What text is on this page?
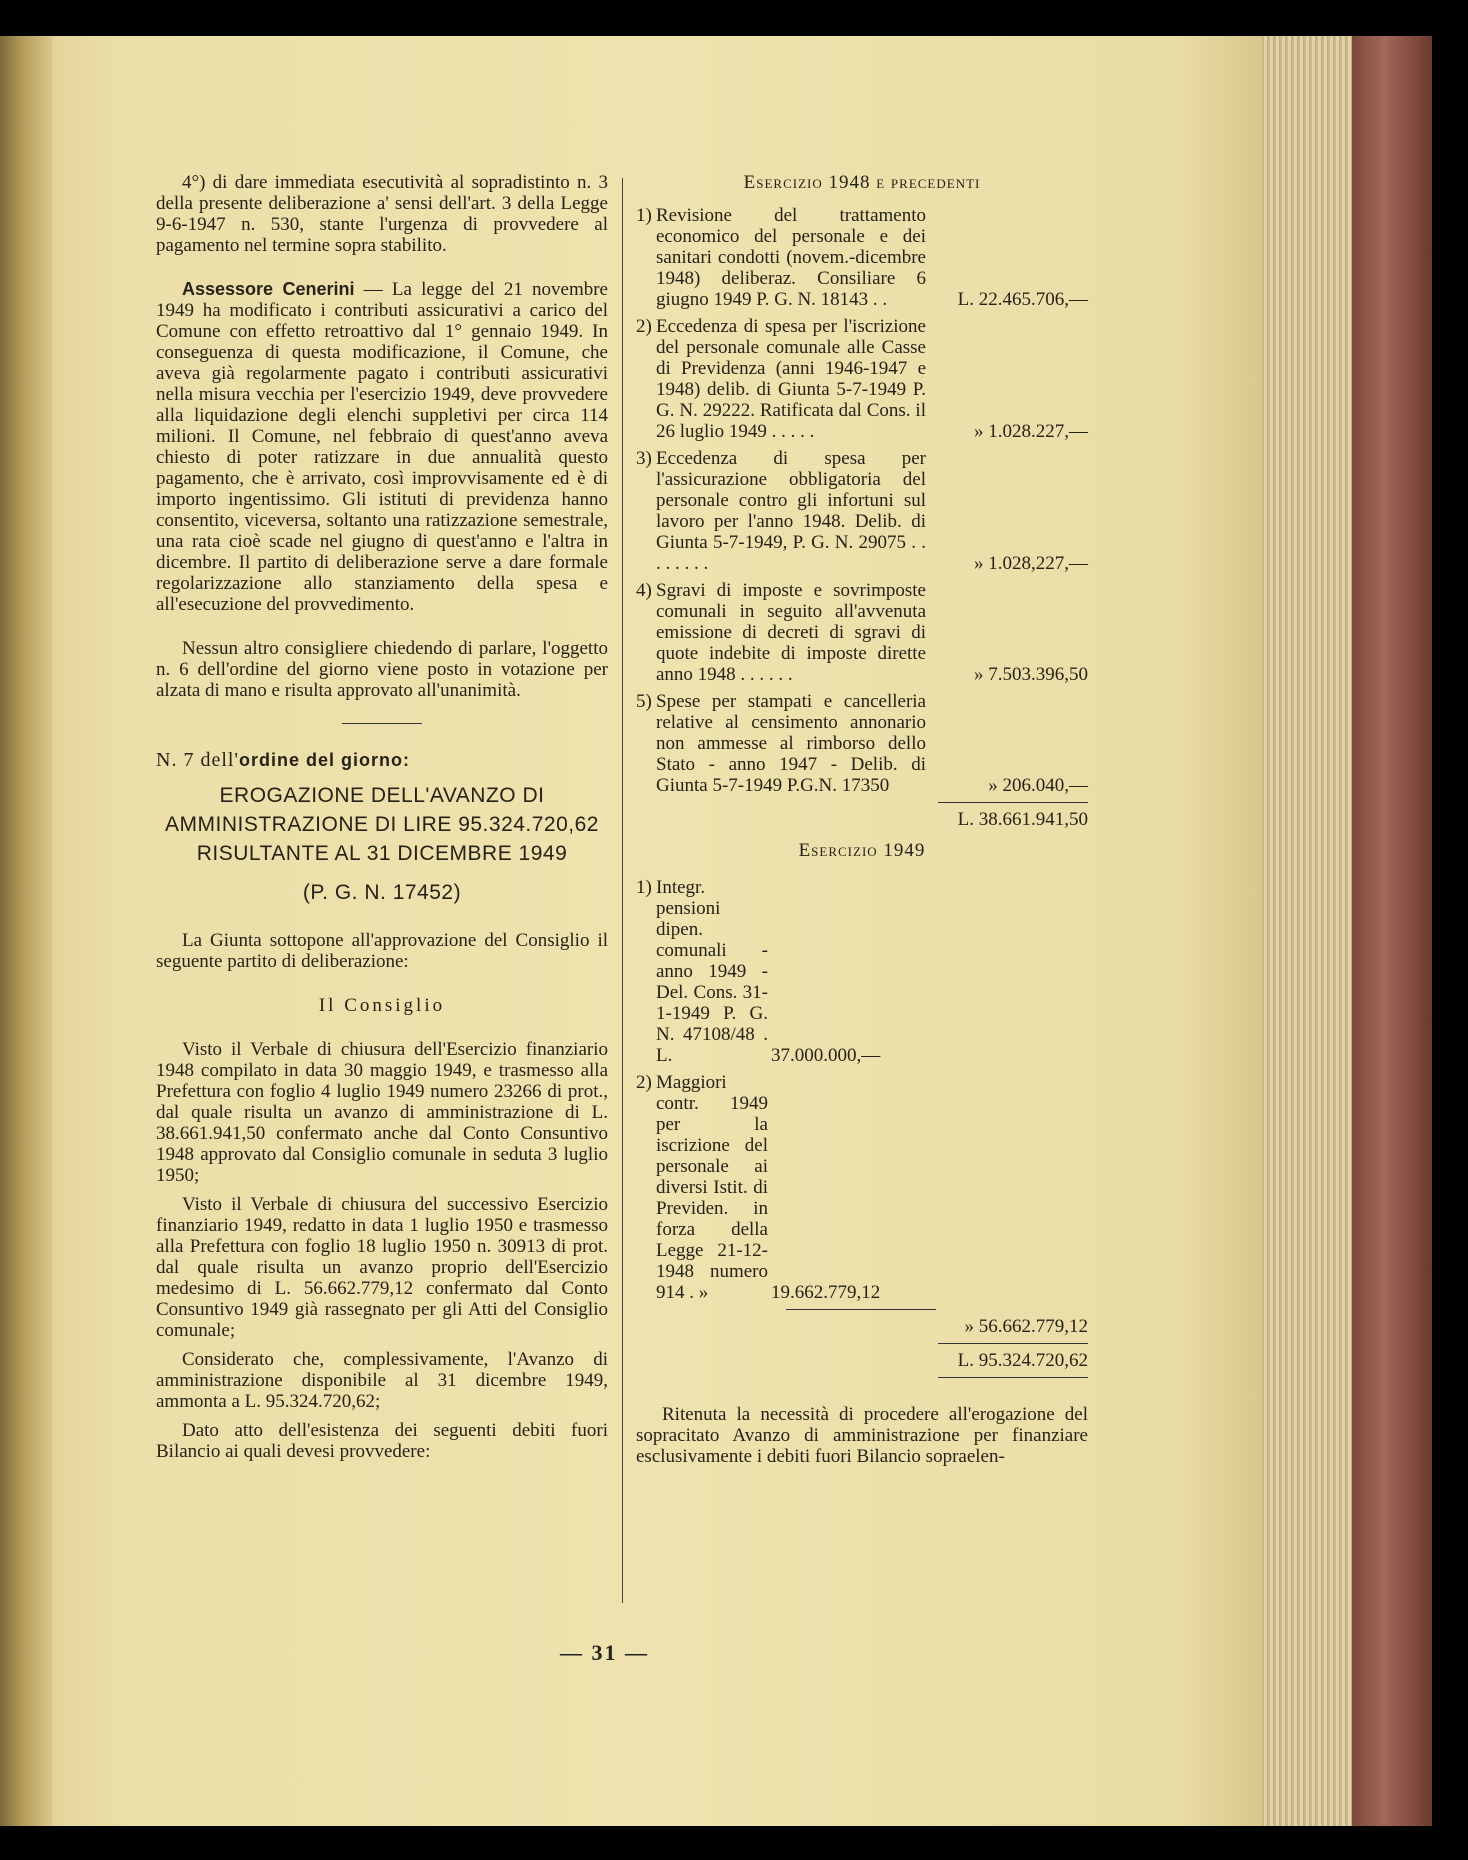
4°) di dare immediata esecutività al sopradistinto n. 3 della presente deliberazione a' sensi dell'art. 3 della Legge 9-6-1947 n. 530, stante l'urgenza di provvedere al pagamento nel termine sopra stabilito.

Assessore Cenerini — La legge del 21 novembre 1949 ha modificato i contributi assicurativi a carico del Comune con effetto retroattivo dal 1° gennaio 1949. In conseguenza di questa modificazione, il Comune, che aveva già regolarmente pagato i contributi assicurativi nella misura vecchia per l'esercizio 1949, deve provvedere alla liquidazione degli elenchi suppletivi per circa 114 milioni. Il Comune, nel febbraio di quest'anno aveva chiesto di poter ratizzare in due annualità questo pagamento, che è arrivato, così improvvisamente ed è di importo ingentissimo. Gli istituti di previdenza hanno consentito, viceversa, soltanto una ratizzazione semestrale, una rata cioè scade nel giugno di quest'anno e l'altra in dicembre. Il partito di deliberazione serve a dare formale regolarizzazione allo stanziamento della spesa e all'esecuzione del provvedimento.

Nessun altro consigliere chiedendo di parlare, l'oggetto n. 6 dell'ordine del giorno viene posto in votazione per alzata di mano e risulta approvato all'unanimità.

N. 7 dell'ordine del giorno:

EROGAZIONE DELL'AVANZO DI AMMINISTRAZIONE DI LIRE 95.324.720,62 RISULTANTE AL 31 DICEMBRE 1949
(P. G. N. 17452)

La Giunta sottopone all'approvazione del Consiglio il seguente partito di deliberazione:

Il Consiglio

Visto il Verbale di chiusura dell'Esercizio finanziario 1948 compilato in data 30 maggio 1949, e trasmesso alla Prefettura con foglio 4 luglio 1949 numero 23266 di prot., dal quale risulta un avanzo di amministrazione di L. 38.661.941,50 confermato anche dal Conto Consuntivo 1948 approvato dal Consiglio comunale in seduta 3 luglio 1950;

Visto il Verbale di chiusura del successivo Esercizio finanziario 1949, redatto in data 1 luglio 1950 e trasmesso alla Prefettura con foglio 18 luglio 1950 n. 30913 di prot. dal quale risulta un avanzo proprio dell'Esercizio medesimo di L. 56.662.779,12 confermato dal Conto Consuntivo 1949 già rassegnato per gli Atti del Consiglio comunale;

Considerato che, complessivamente, l'Avanzo di amministrazione disponibile al 31 dicembre 1949, ammonta a L. 95.324.720,62;

Dato atto dell'esistenza dei seguenti debiti fuori Bilancio ai quali devesi provvedere:

Esercizio 1948 e precedenti
1) Revisione del trattamento economico del personale e dei sanitari condotti (novem.-dicembre 1948) deliberaz. Consiliare 6 giugno 1949 P. G. N. 18143 . .	L. 22.465.706,—
2) Eccedenza di spesa per l'iscrizione del personale comunale alle Casse di Previdenza (anni 1946-1947 e 1948) delib. di Giunta 5-7-1949 P. G. N. 29222. Ratificata dal Cons. il 26 luglio 1949 . . . . .	» 1.028.227,—
3) Eccedenza di spesa per l'assicurazione obbligatoria del personale contro gli infortuni sul lavoro per l'anno 1948. Delib. di Giunta 5-7-1949, P. G. N. 29075 . . . . . . . .	» 1.028,227,—
4) Sgravi di imposte e sovrimposte comunali in seguito all'avvenuta emissione di decreti di sgravi di quote indebite di imposte dirette anno 1948 . . . . . .	» 7.503.396,50
5) Spese per stampati e cancelleria relative al censimento annonario non ammesse al rimborso dello Stato - anno 1947 - Delib. di Giunta 5-7-1949 P.G.N. 17350	» 206.040,—
L. 38.661.941,50
Esercizio 1949
1) Integr. pensioni dipen. comunali - anno 1949 - Del. Cons. 31-1-1949 P. G. N. 47108/48 . L.	37.000.000,—
2) Maggiori contr. 1949 per la iscrizione del personale ai diversi Istit. di Previden. in forza della Legge 21-12-1948 numero 914 . »	19.662.779,12
» 56.662.779,12
L. 95.324.720,62

Ritenuta la necessità di procedere all'erogazione del sopracitato Avanzo di amministrazione per finanziare esclusivamente i debiti fuori Bilancio sopraelen-

— 31 —
